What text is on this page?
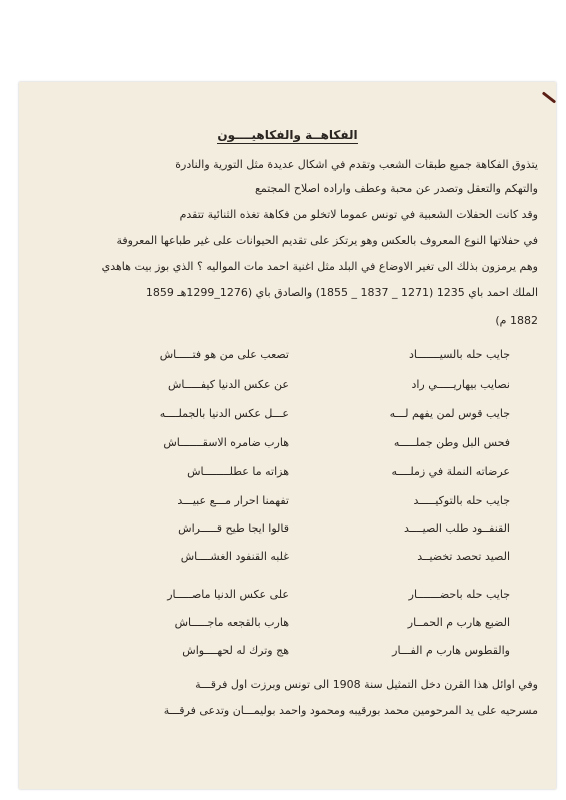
الفكاهــة والفكاهيــــون
يتذوق الفكاهة جميع طبقات الشعب وتقدم في اشكال عديدة مثل التورية والنادرة
والتهكم والتعقل وتصدر عن محبة وعطف واراده اصلاح المجتمع
وقد كانت الحفلات الشعبية في تونس عموما لاتخلو من فكاهة تغذه الثنائية تتقدم
في حفلاتها النوع المعروف بالعكس وهو يرتكز على تقديم الحيوانات على غير طباعها المعروفة
وهم يرمزون بذلك الى تغير الاوضاع في البلد مثل اغنية احمد مات المواليه ؟ الذي بوز بيت هاهدي
الملك احمد باي 1235 (1271 _ 1837 _ 1855) والصادق باي (1276_1299هـ 1859
1882 م)
جايب حله بالسيـــــــاد
تصعب على من هو فتـــــاش
نصايب بيهاريـــــي راد
عن عكس الدنيا كيفـــــاش
جايب قوس لمن يفهم لـــه
عـــل عكس الدنيا بالجملــــه
فحس البل وطن جملـــــه
هارب ضامره الاسقـــــــاش
عرضاته النملة في زملــــه
هزاته ما عطلــــــــاش
جايب حله بالتوكيـــــد
تفهمنا احرار مـــع عبيـــد
القنفــود طلب الصيــــد
قالوا ايجا طيح قـــــراش
الصيد تحصد تخضيــد
غلبه القنفود الغشــــاش
جايب حله باحضـــــــار
على عكس الدنيا ماصـــــار
الضبع هارب م الحمــار
هارب بالقجعه ماجـــــاش
والقطوس هارب م الفـــار
هج وترك له لحهــــواش
وفي اوائل هذا القرن دخل التمثيل سنة 1908 الى تونس وبرزت اول فرقـــة
مسرحيه على يد المرحومين محمد بورقيبه ومحمود واحمد بوليمـــان وتدعى فرقـــة
